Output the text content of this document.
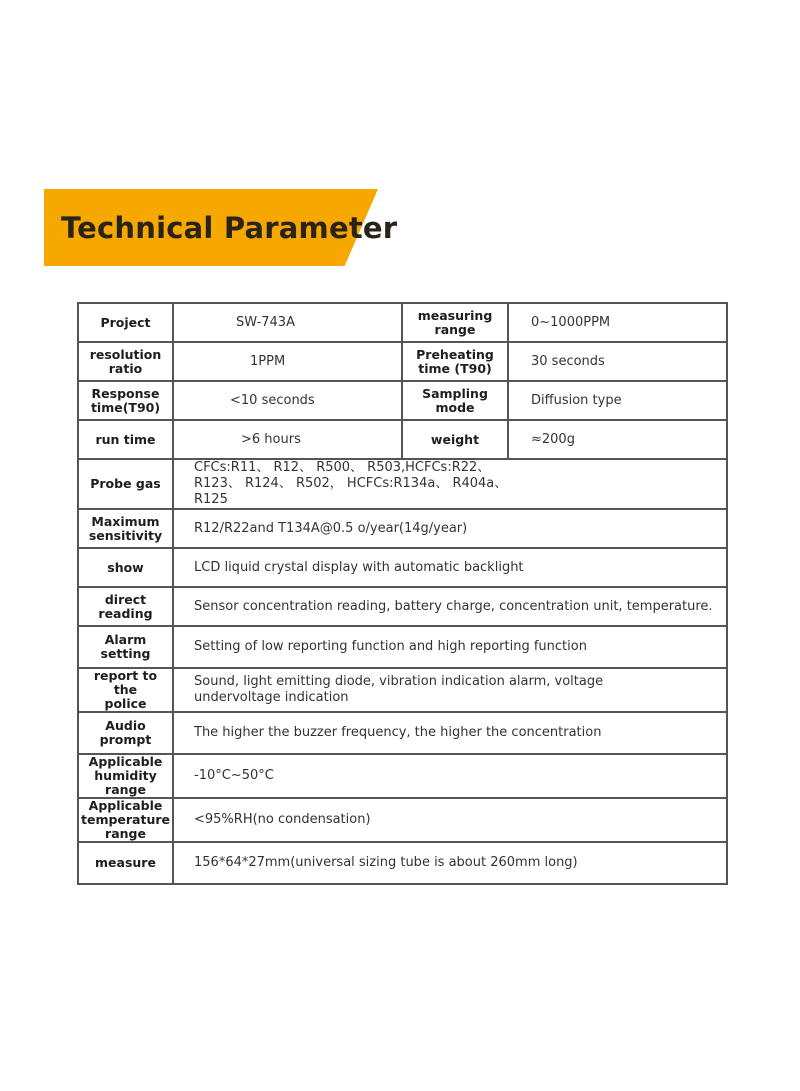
Technical Parameter
Project	SW-743A	measuring range	0~1000PPM
resolution ratio	1PPM	Preheating time (T90)	30 seconds
Response time(T90)	<10 seconds	Sampling mode	Diffusion type
run time	>6 hours	weight	≈200g
Probe gas	CFCs:R11、 R12、 R500、 R503,HCFCs:R22、 R123、 R124、 R502， HCFCs:R134a、 R404a、 R125		
Maximum sensitivity	R12/R22and T134A@0.5 o/year(14g/year)		
show	LCD liquid crystal display with automatic backlight		
direct reading	Sensor concentration reading, battery charge, concentration unit, temperature.		
Alarm setting	Setting of low reporting function and high reporting function		
report to the police	Sound, light emitting diode, vibration indication alarm, voltage undervoltage indication		
Audio prompt	The higher the buzzer frequency, the higher the concentration		
Applicable humidity range	-10°C~50°C		
Applicable temperature range	<95%RH(no condensation)		
measure	156*64*27mm(universal sizing tube is about 260mm long)		
